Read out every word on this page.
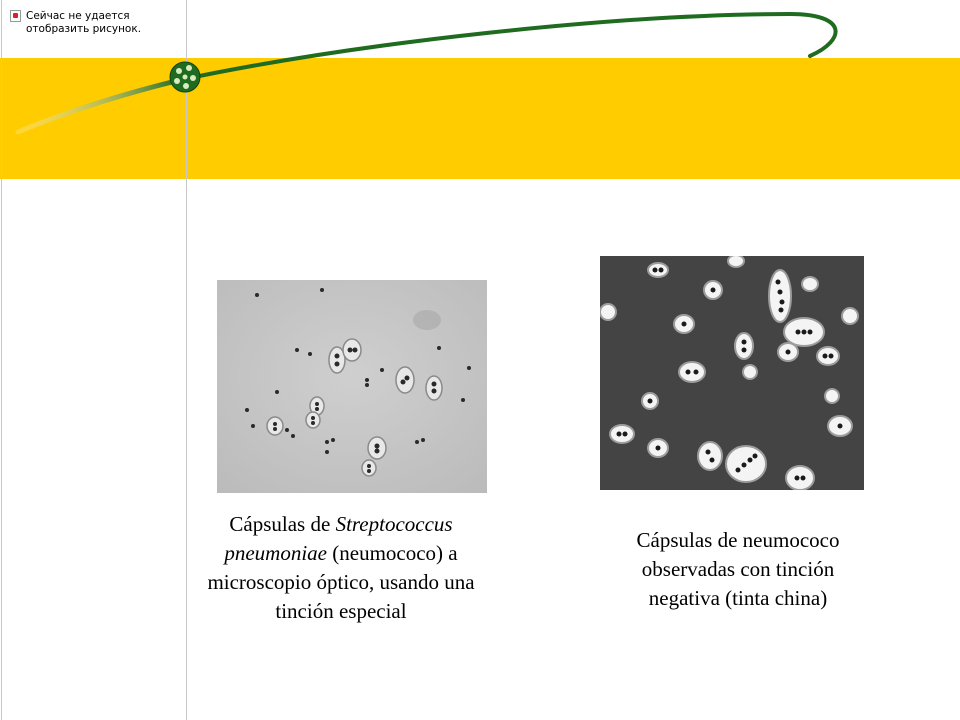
Сейчас не удается отобразить рисунок.
Cápsulas de Streptococcus pneumoniae (neumococo) a microscopio óptico, usando una tinción especial
Cápsulas de neumococo observadas con tinción negativa (tinta china)
